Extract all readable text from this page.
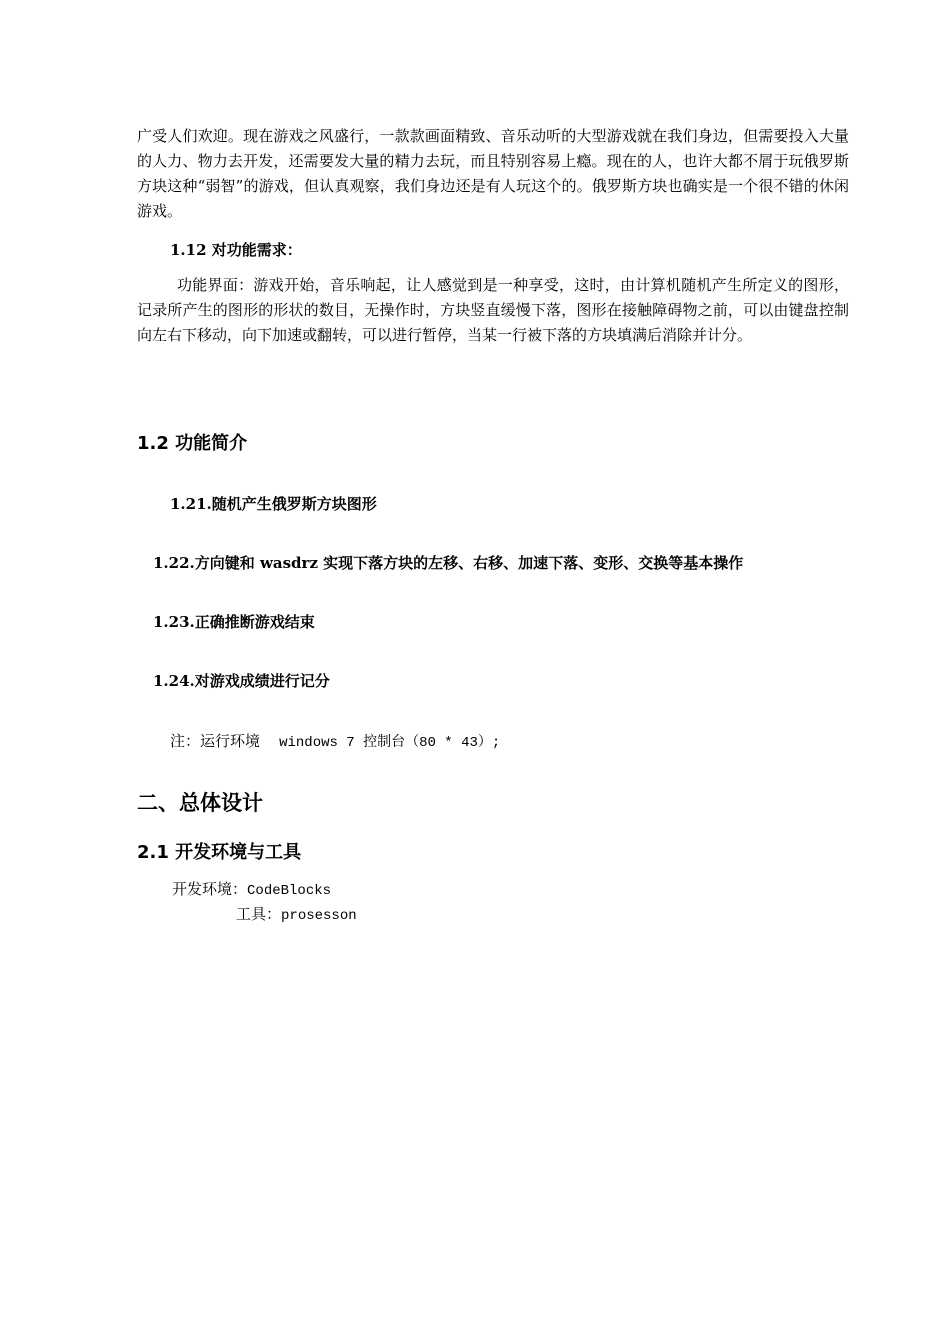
广受人们欢迎。现在游戏之风盛行，一款款画面精致、音乐动听的大型游戏就在我们身边，但需要投入大量的人力、物力去开发，还需要发大量的精力去玩，而且特别容易上瘾。现在的人，也许大都不屑于玩俄罗斯方块这种“弱智”的游戏，但认真观察，我们身边还是有人玩这个的。俄罗斯方块也确实是一个很不错的休闲游戏。

1.12 对功能需求：

功能界面：游戏开始，音乐响起，让人感觉到是一种享受，这时，由计算机随机产生所定义的图形，记录所产生的图形的形状的数目，无操作时，方块竖直缓慢下落，图形在接触障碍物之前，可以由键盘控制向左右下移动，向下加速或翻转，可以进行暂停，当某一行被下落的方块填满后消除并计分。

1.2 功能简介

1.21.随机产生俄罗斯方块图形

1.22.方向键和 wasdrz 实现下落方块的左移、右移、加速下落、变形、交换等基本操作

1.23.正确推断游戏结束

1.24.对游戏成绩进行记分

注：运行环境 windows 7 控制台（80 * 43）;

二、总体设计

2.1 开发环境与工具

开发环境：CodeBlocks

工具：prosesson
